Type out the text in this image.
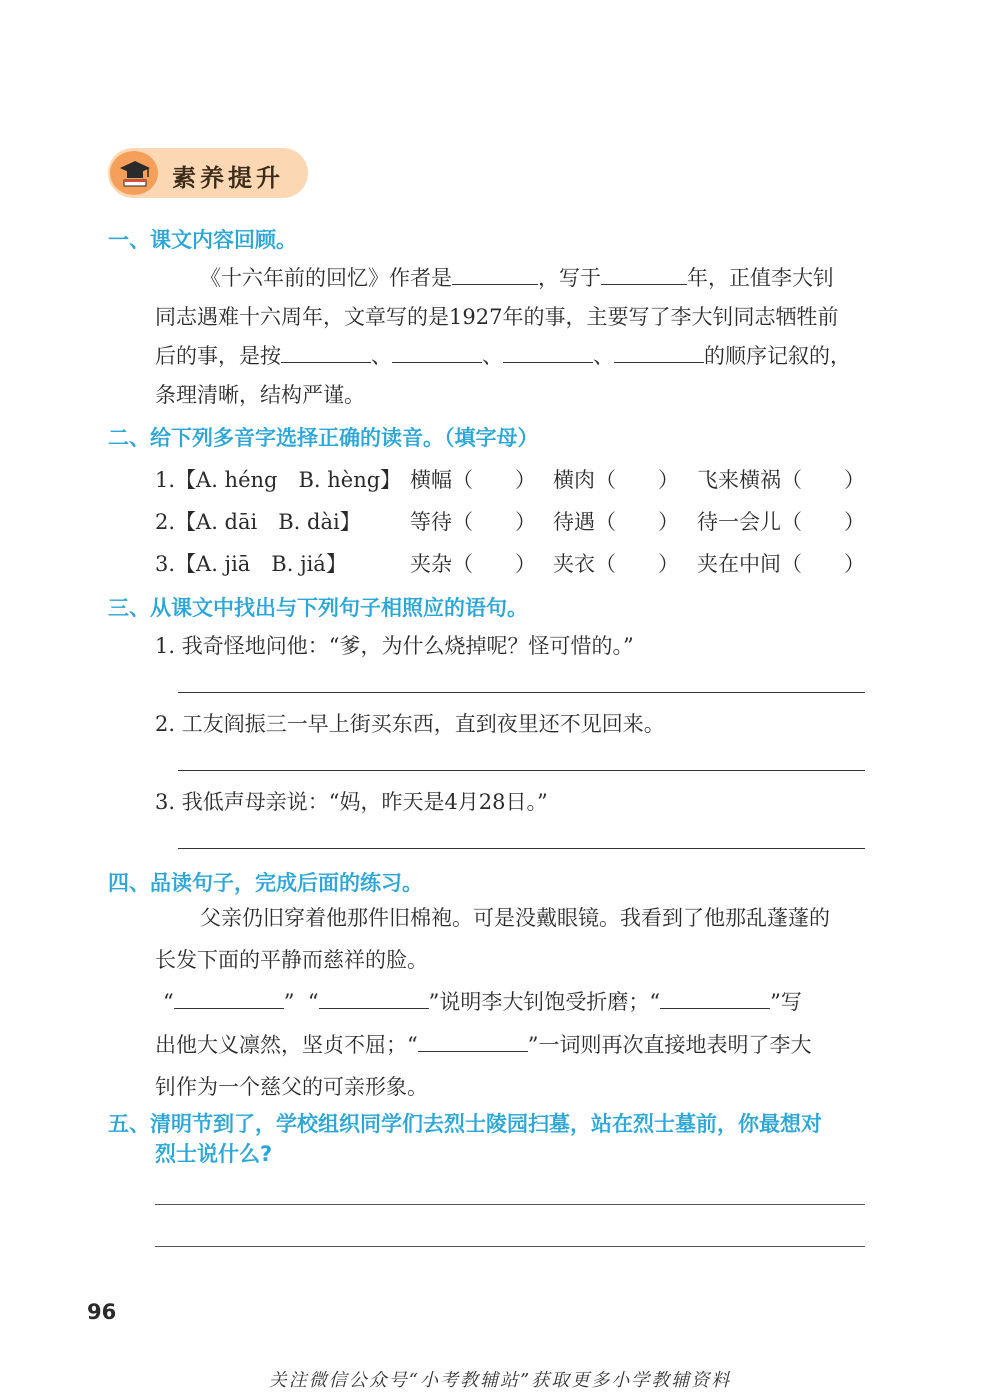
素养提升
一、课文内容回顾。
《十六年前的回忆》作者是	，写于	年，正值李大钊
同志遇难十六周年，文章写的是1927年的事，主要写了李大钊同志牺牲前
后的事，是按	、	、	、	的顺序记叙的，
条理清晰，结构严谨。
二、给下列多音字选择正确的读音。（填字母）
1.【A. héng　B. hèng】 横幅（　　） 横肉（　　） 飞来横祸（　　）
2.【A. dāi　B. dài】 等待（　　） 待遇（　　） 待一会儿（　　）
3.【A. jiā　B. jiá】	夹杂（　　） 夹衣（　　） 夹在中间（　　）
三、从课文中找出与下列句子相照应的语句。
1. 我奇怪地问他：“爹，为什么烧掉呢？怪可惜的。”
2. 工友阎振三一早上街买东西，直到夜里还不见回来。
3. 我低声母亲说：“妈，昨天是4月28日。”
四、品读句子，完成后面的练习。
父亲仍旧穿着他那件旧棉袍。可是没戴眼镜。我看到了他那乱蓬蓬的
长发下面的平静而慈祥的脸。
“	” “	”说明李大钊饱受折磨；“	”写
出他大义凛然，坚贞不屈；“	”一词则再次直接地表明了李大
钊作为一个慈父的可亲形象。
五、清明节到了，学校组织同学们去烈士陵园扫墓，站在烈士墓前，你最想对
烈士说什么?
96
关注微信公众号“小考教辅站”获取更多小学教辅资料
